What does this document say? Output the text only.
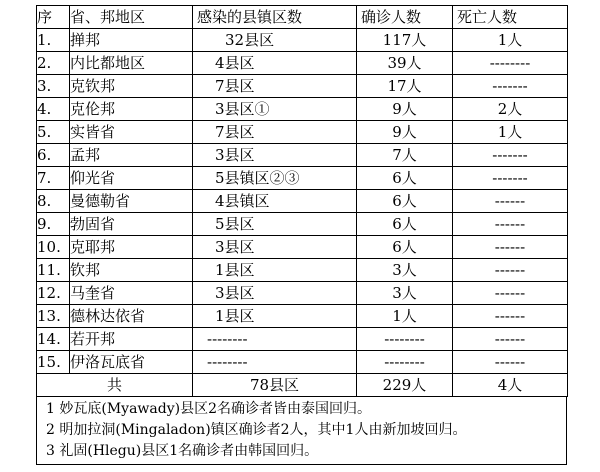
序	省、邦地区	感染的县镇区数	确诊人数	死亡人数
1.	掸邦	32县区	117人	1人
2.	内比都地区	4县区	39人	--------
3.	克钦邦	7县区	17人	-------
4.	克伦邦	3县区①	9人	2人
5.	实皆省	7县区	9人	1人
6.	孟邦	3县区	7人	-------
7.	仰光省	5县镇区②③	6人	-------
8.	曼德勒省	4县镇区	6人	------
9.	勃固省	5县区	6人	------
10.	克耶邦	3县区	6人	------
11.	钦邦	1县区	3人	------
12.	马奎省	3县区	3人	------
13.	德林达依省	1县区	1人	------
14.	若开邦	--------	--------	------
15.	伊洛瓦底省	--------	--------	------
共		78县区	229人	4人
1 妙瓦底(Myawady)县区2名确诊者皆由泰国回归。
2 明加拉洞(Mingaladon)镇区确诊者2人，其中1人由新加坡回归。
3 礼固(Hlegu)县区1名确诊者由韩国回归。
